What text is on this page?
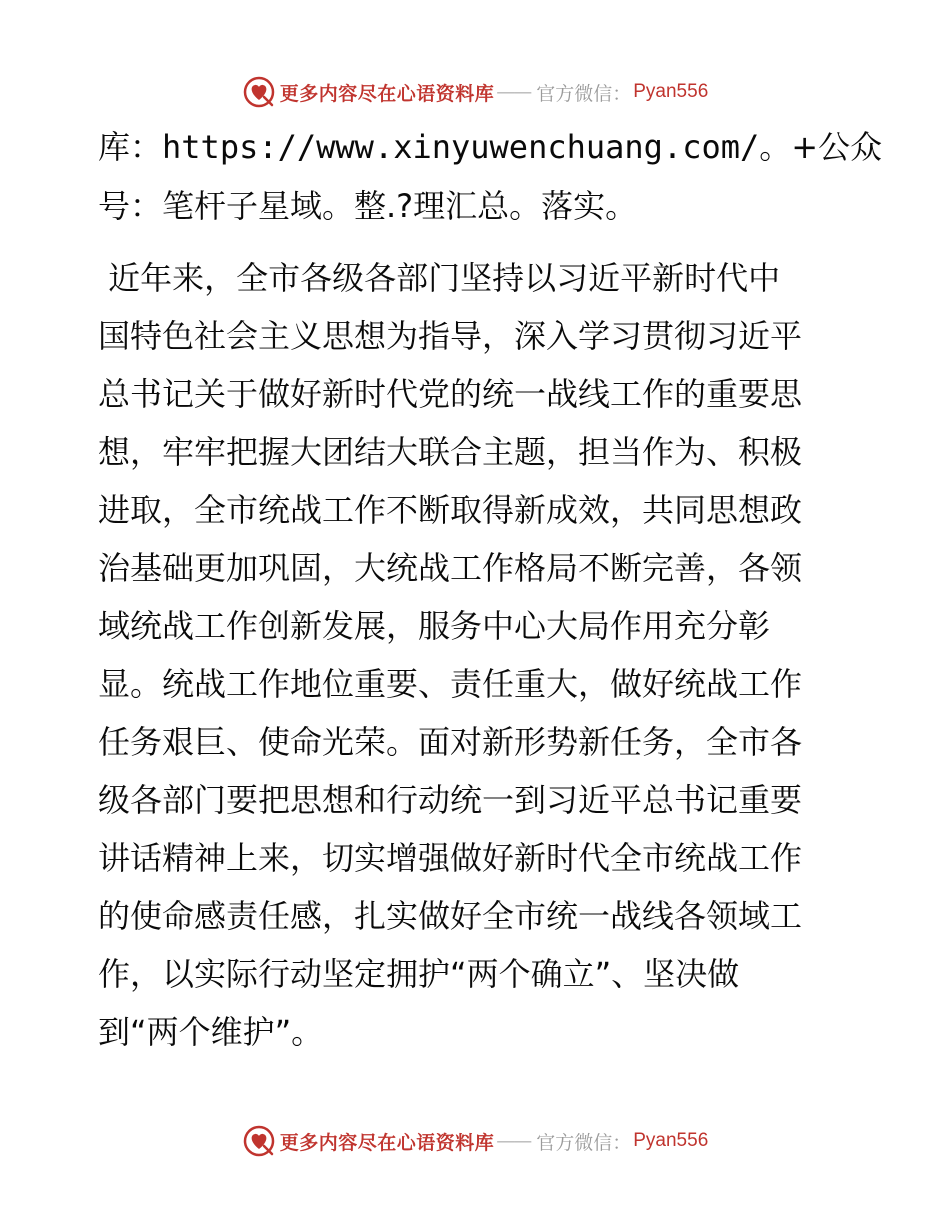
更多内容尽在心语资料库 —— 官方微信： Pyan556
库：https://www.xinyuwenchuang.com/。+公众
号：笔杆子星域。整.?理汇总。落实。
近年来，全市各级各部门坚持以习近平新时代中
国特色社会主义思想为指导，深入学习贯彻习近平
总书记关于做好新时代党的统一战线工作的重要思
想，牢牢把握大团结大联合主题，担当作为、积极
进取，全市统战工作不断取得新成效，共同思想政
治基础更加巩固，大统战工作格局不断完善，各领
域统战工作创新发展，服务中心大局作用充分彰
显。统战工作地位重要、责任重大，做好统战工作
任务艰巨、使命光荣。面对新形势新任务，全市各
级各部门要把思想和行动统一到习近平总书记重要
讲话精神上来，切实增强做好新时代全市统战工作
的使命感责任感，扎实做好全市统一战线各领域工
作，以实际行动坚定拥护“两个确立”、坚决做
到“两个维护”。
更多内容尽在心语资料库 —— 官方微信： Pyan556
